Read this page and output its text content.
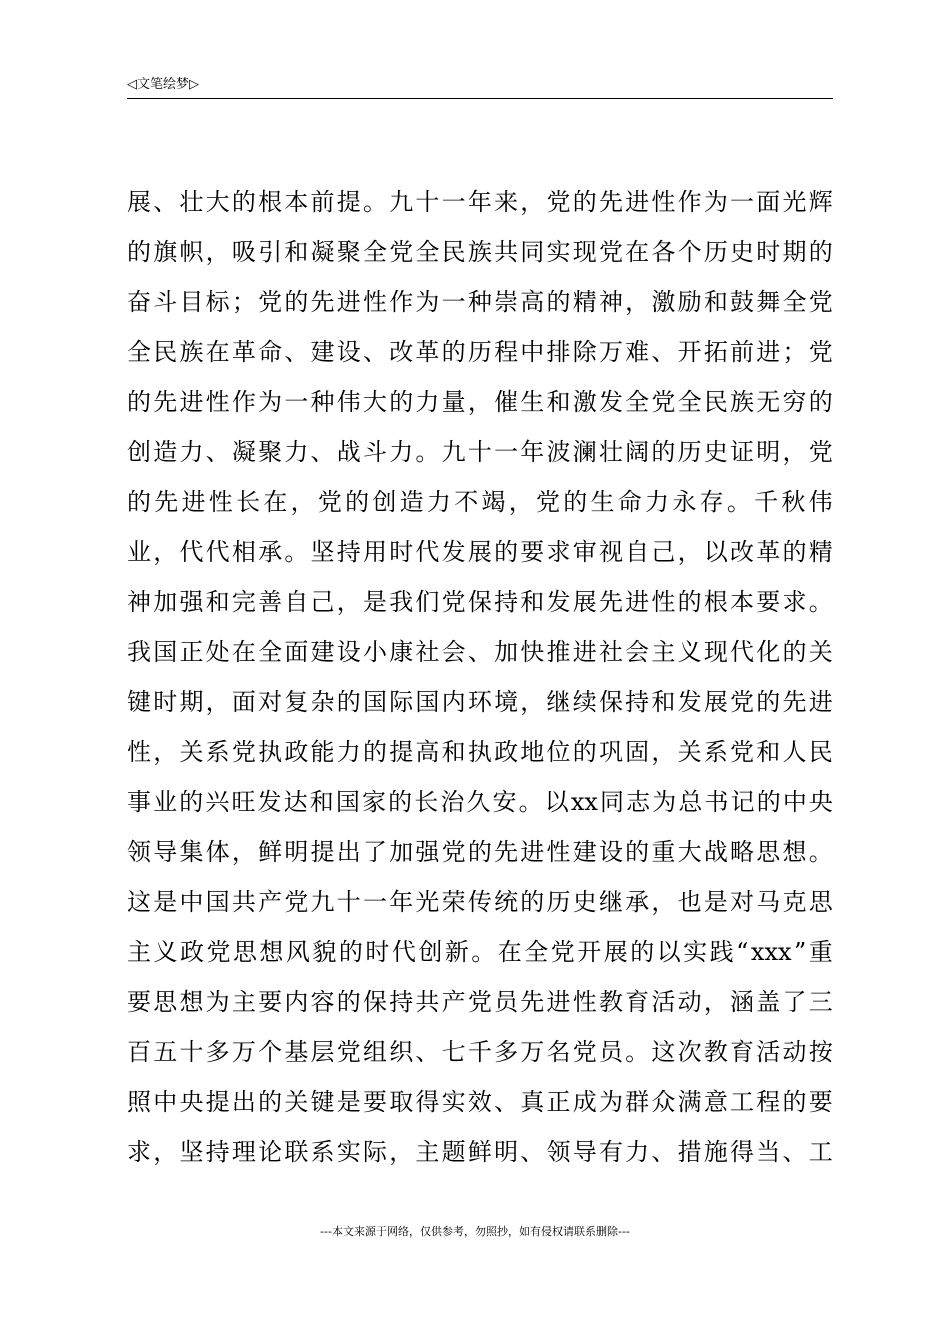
◁文笔绘梦▷
展 、 壮 大 的 根 本 前 提 。 九 十 一 年 来 ， 党 的 先 进 性 作 为 一 面 光 辉
的 旗 帜 ， 吸 引 和 凝 聚 全 党 全 民 族 共 同 实 现 党 在 各 个 历 史 时 期 的
奋 斗 目 标 ； 党 的 先 进 性 作 为 一 种 崇 高 的 精 神 ， 激 励 和 鼓 舞 全 党
全 民 族 在 革 命 、 建 设 、 改 革 的 历 程 中 排 除 万 难 、 开 拓 前 进 ； 党
的 先 进 性 作 为 一 种 伟 大 的 力 量 ， 催 生 和 激 发 全 党 全 民 族 无 穷 的
创 造 力 、 凝 聚 力 、 战 斗 力 。 九 十 一 年 波 澜 壮 阔 的 历 史 证 明 ， 党
的 先 进 性 长 在 ， 党 的 创 造 力 不 竭 ， 党 的 生 命 力 永 存 。 千 秋 伟
业 ， 代 代 相 承 。 坚 持 用 时 代 发 展 的 要 求 审 视 自 己 ， 以 改 革 的 精
神 加 强 和 完 善 自 己 ， 是 我 们 党 保 持 和 发 展 先 进 性 的 根 本 要 求 。
我 国 正 处 在 全 面 建 设 小 康 社 会 、 加 快 推 进 社 会 主 义 现 代 化 的 关
键 时 期 ， 面 对 复 杂 的 国 际 国 内 环 境 ， 继 续 保 持 和 发 展 党 的 先 进
性 ， 关 系 党 执 政 能 力 的 提 高 和 执 政 地 位 的 巩 固 ， 关 系 党 和 人 民
事 业 的 兴 旺 发 达 和 国 家 的 长 治 久 安 。 以 xx 同 志 为 总 书 记 的 中 央
领 导 集 体 ， 鲜 明 提 出 了 加 强 党 的 先 进 性 建 设 的 重 大 战 略 思 想 。
这 是 中 国 共 产 党 九 十 一 年 光 荣 传 统 的 历 史 继 承 ， 也 是 对 马 克 思
主 义 政 党 思 想 风 貌 的 时 代 创 新 。 在 全 党 开 展 的 以 实 践 “ xxx ” 重
要 思 想 为 主 要 内 容 的 保 持 共 产 党 员 先 进 性 教 育 活 动 ， 涵 盖 了 三
百 五 十 多 万 个 基 层 党 组 织 、 七 千 多 万 名 党 员 。 这 次 教 育 活 动 按
照 中 央 提 出 的 关 键 是 要 取 得 实 效 、 真 正 成 为 群 众 满 意 工 程 的 要
求 ， 坚 持 理 论 联 系 实 际 ， 主 题 鲜 明 、 领 导 有 力 、 措 施 得 当 、 工
---本文来源于网络，仅供参考，勿照抄，如有侵权请联系删除---
